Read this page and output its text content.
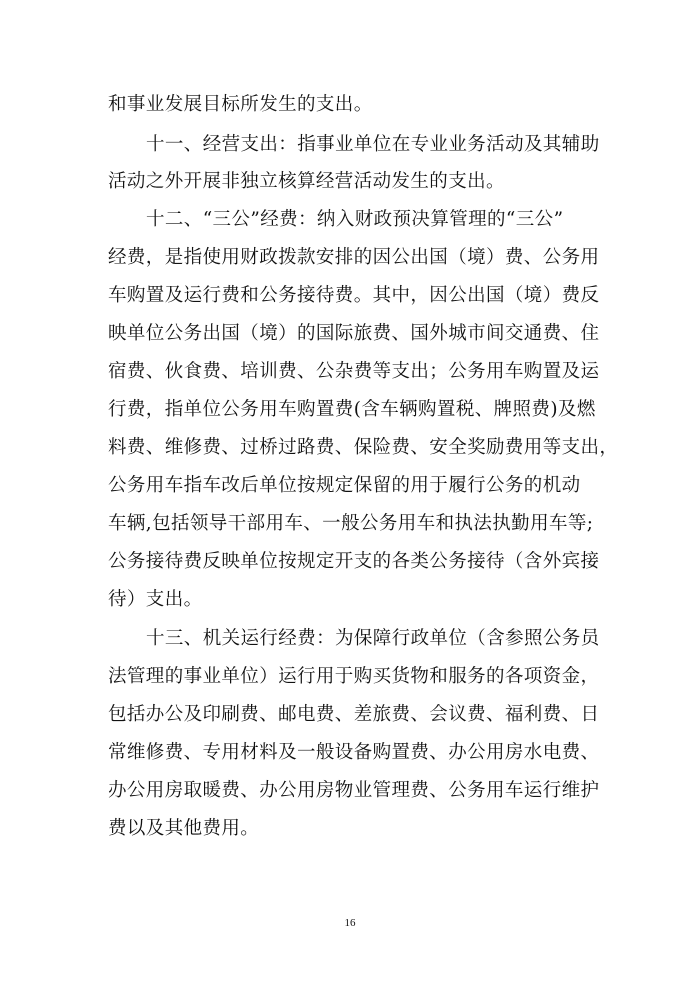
和事业发展目标所发生的支出。
十一、经营支出：指事业单位在专业业务活动及其辅助
活动之外开展非独立核算经营活动发生的支出。
十二、“三公”经费：纳入财政预决算管理的“三公”
经费，是指使用财政拨款安排的因公出国（境）费、公务用
车购置及运行费和公务接待费。其中，因公出国（境）费反
映单位公务出国（境）的国际旅费、国外城市间交通费、住
宿费、伙食费、培训费、公杂费等支出；公务用车购置及运
行费，指单位公务用车购置费(含车辆购置税、牌照费)及燃
料费、维修费、过桥过路费、保险费、安全奖励费用等支出，
公务用车指车改后单位按规定保留的用于履行公务的机动
车辆,包括领导干部用车、一般公务用车和执法执勤用车等;
公务接待费反映单位按规定开支的各类公务接待（含外宾接
待）支出。
十三、机关运行经费：为保障行政单位（含参照公务员
法管理的事业单位）运行用于购买货物和服务的各项资金，
包括办公及印刷费、邮电费、差旅费、会议费、福利费、日
常维修费、专用材料及一般设备购置费、办公用房水电费、
办公用房取暖费、办公用房物业管理费、公务用车运行维护
费以及其他费用。
16
